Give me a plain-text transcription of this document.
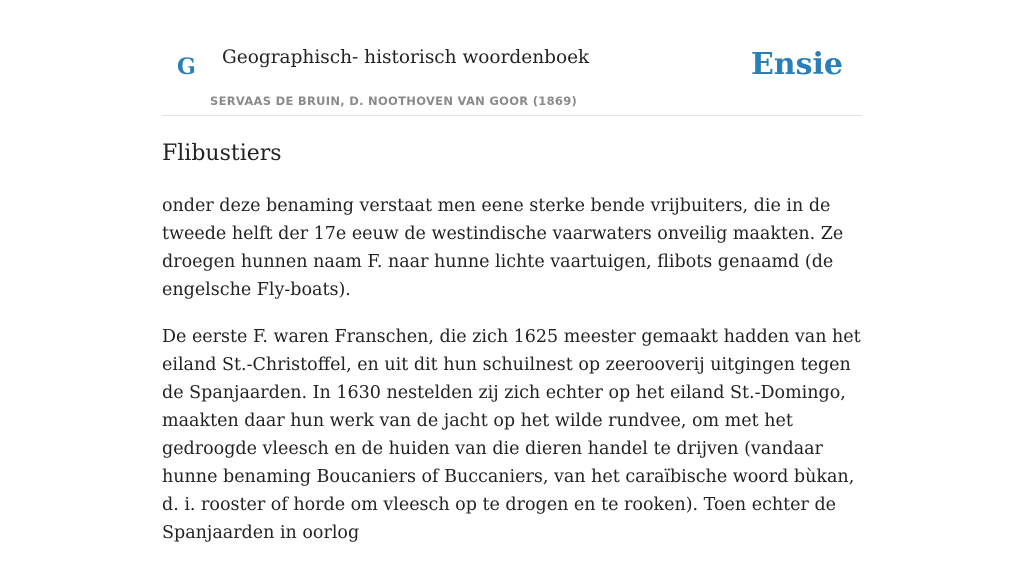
G Geographisch- historisch woordenboek
SERVAAS DE BRUIN, D. NOOTHOVEN VAN GOOR (1869)
Ensie
Flibustiers

onder deze benaming verstaat men eene sterke bende vrijbuiters, die in de tweede helft der 17e eeuw de westindische vaarwaters onveilig maakten. Ze droegen hunnen naam F. naar hunne lichte vaartuigen, flibots genaamd (de engelsche Fly-boats).

De eerste F. waren Franschen, die zich 1625 meester gemaakt hadden van het eiland St.-Christoffel, en uit dit hun schuilnest op zeerooverij uitgingen tegen de Spanjaarden. In 1630 nestelden zij zich echter op het eiland St.-Domingo, maakten daar hun werk van de jacht op het wilde rundvee, om met het gedroogde vleesch en de huiden van die dieren handel te drijven (vandaar hunne benaming Boucaniers of Buccaniers, van het caraïbische woord bùkan, d. i. rooster of horde om vleesch op te drogen en te rooken). Toen echter de Spanjaarden in oorlog
